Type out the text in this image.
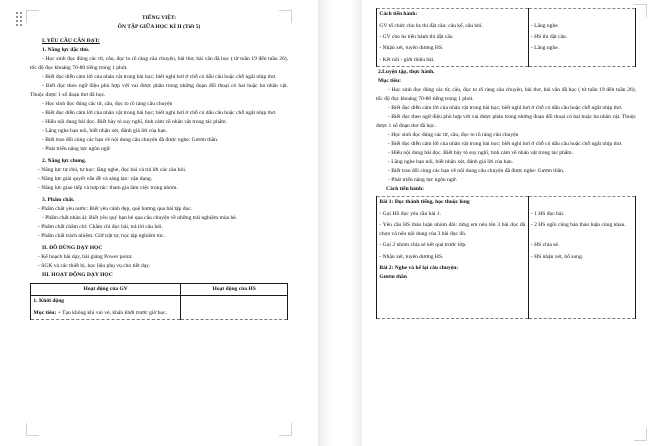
TIẾNG VIỆT:

ÔN TẬP GIỮA HỌC KÌ II (Tiết 5)

I. YÊU CẦU CẦN ĐẠT:

1. Năng lực đặc thù.

- Học sinh đọc đúng các từ, câu, đọc to rõ ràng câu chuyện, bài thơ, bài văn đã học ( từ tuần 19 đến tuần 26), tốc độ đọc khoảng 70-80 tiếng trong 1 phút.

- Biết đọc diễn cảm lời của nhân vật trong bài học; biết nghỉ hơi ở chỗ có dấu câu hoặc chỗ ngắt nhịp thơ.

- Biết đọc theo ngữ điệu phù hợp với vai được phân trong những đoạn đối thoại có hai hoặc ba nhân vật. Thuộc được 1 số đoạn thơ đã học.

- Học sinh đọc đúng các từ, câu, đọc to rõ ràng câu chuyện

- Biết đọc diễn cảm lời của nhân vật trong bài học; biết nghỉ hơi ở chỗ có dấu câu hoặc chỗ ngắt nhịp thơ.

- Hiểu nội dung bài đọc. Biết bày tỏ suy nghĩ, tình cảm về nhân vật trong tác phẩm.

- Lắng nghe bạn nói, biết nhận xét, đánh giá lời của bạn.

- Biết trao đổi cùng các bạn về nội dung câu chuyện đã được nghe: Gươm thần.

- Phát triển năng lực ngôn ngữ.

2. Năng lực chung.

- Năng lực tự chủ, tự học: lắng nghe, đọc bài và trả lời các câu hỏi.

- Năng lực giải quyết vấn đề và sáng tạo: vận dụng.

- Năng lực giao tiếp và hợp tác: tham gia làm việc trong nhóm.

3. Phẩm chất.

- Phẩm chất yêu nước: Biết yêu cảnh đẹp, quê hương qua bài tập đọc.

- Phẩm chất nhân ái: Biết yêu quý bạn bè qua câu chuyện về những trải nghiệm mùa hè.

- Phẩm chất chăm chỉ: Chăm chỉ đọc bài, trả lời câu hỏi.

- Phẩm chất trách nhiệm: Giữ trật tự, học tập nghiêm túc.

II. ĐỒ DÙNG DẠY HỌC

- Kế hoạch bài dạy, bài giảng Power point.

- SGK và các thiết bị, học liệu phụ vụ cho tiết dạy.

III. HOẠT ĐỘNG DẠY HỌC

Hoạt động của GV	Hoạt động của HS
1. Khởi động	
Mục tiêu: + Tạo không khí vui vẻ, khấn khởi trước giờ học.	
Cách tiến hành:	
GV tổ chức cho hs thi đặt câu: câu kể, câu hỏi.	- Lắng nghe.
- GV cho hs tiến hành thi đặt câu	- HS thi đặt câu.
- Nhận xét, tuyên dương HS.	- Lắng nghe.
- Kết nối - giới thiệu bài.	

2.Luyện tập, thực hành.

Mục tiêu:

- Học sinh đọc đúng các từ, câu, đọc to rõ ràng câu chuyện, bài thơ, bài văn đã học ( từ tuần 19 đến tuần 26), tốc độ đọc khoảng 70-80 tiếng trong 1 phút.

- Biết đọc diễn cảm lời của nhân vật trong bài học; biết nghỉ hơi ở chỗ có dấu câu hoặc chỗ ngắt nhịp thơ.

- Biết đọc theo ngữ điệu phù hợp với vai được phân trong những đoạn đối thoại có hai hoặc ba nhân vật. Thuộc được 1 số đoạn thơ đã học.

- Học sinh đọc đúng các từ, câu, đọc to rõ ràng câu chuyện

- Biết đọc diễn cảm lời của nhân vật trong bài học; biết nghỉ hơi ở chỗ có dấu câu hoặc chỗ ngắt nhịp thơ.

- Hiểu nội dung bài đọc. Biết bày tỏ suy nghĩ, tình cảm về nhân vật trong tác phẩm.

- Lắng nghe bạn nói, biết nhận xét, đánh giá lời của bạn.

- Biết trao đổi cùng các bạn về nội dung câu chuyện đã được nghe: Gươm thần.

- Phát triển năng lực ngôn ngữ.

Cách tiến hành:

Bài 1: Đọc thành tiếng, học thuộc lòng	
- Gọi HS đọc yêu cầu bài 1.	- 1 HS đọc bài.
- Yêu cầu HS thảo luận nhóm đôi: từng em nêu tên 3 bài đọc đã chọn và nêu nội dung của 3 bài đọc đó.	- 2 HS ngồi cùng bàn thảo luận cùng nhau.
- Gọi 2 nhóm chia sẻ kết quả trước lớp.	- HS chia sẻ.
- Nhận xét, tuyên dương HS.	- HS nhận xét, bổ sung.

Bài 2: Nghe và kể lại câu chuyện:
Gươm thần	
